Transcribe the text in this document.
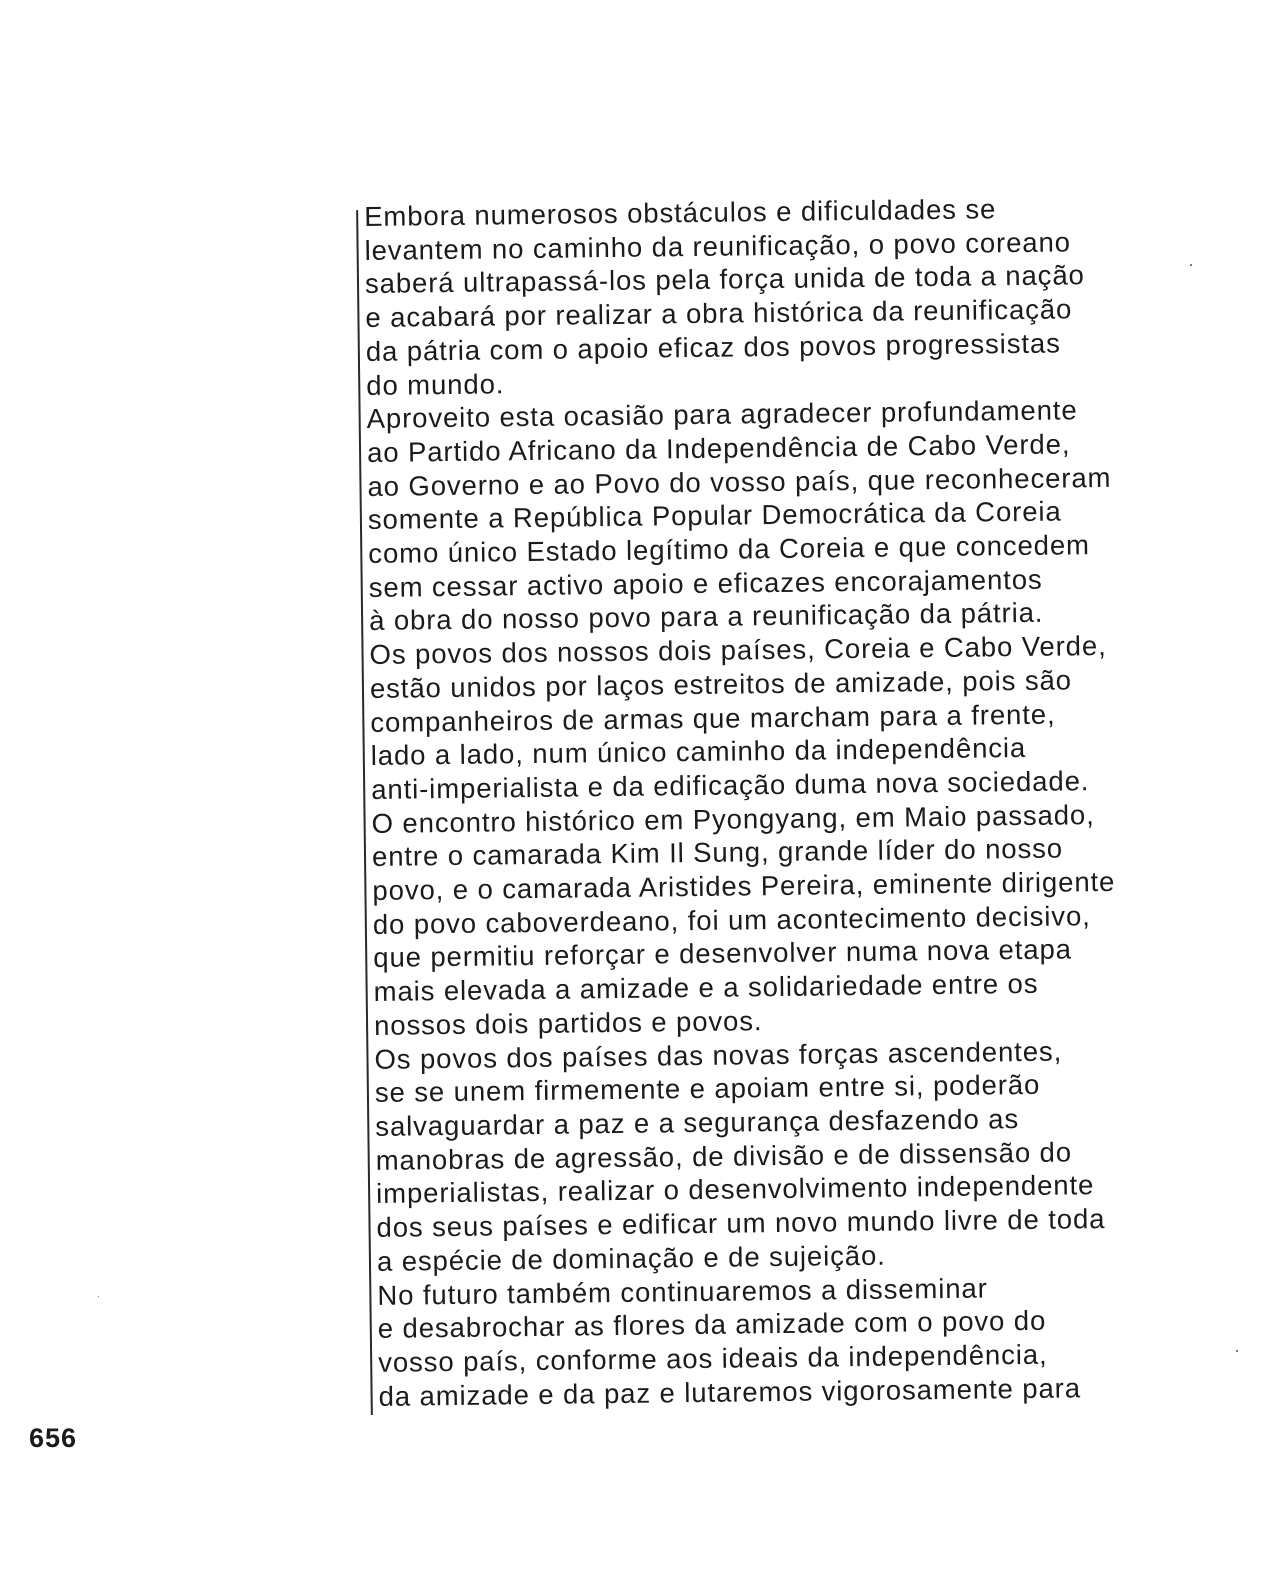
Embora numerosos obstáculos e dificuldades se
levantem no caminho da reunificação, o povo coreano
saberá ultrapassá-los pela força unida de toda a nação
e acabará por realizar a obra histórica da reunificação
da pátria com o apoio eficaz dos povos progressistas
do mundo.
Aproveito esta ocasião para agradecer profundamente
ao Partido Africano da Independência de Cabo Verde,
ao Governo e ao Povo do vosso país, que reconheceram
somente a República Popular Democrática da Coreia
como único Estado legítimo da Coreia e que concedem
sem cessar activo apoio e eficazes encorajamentos
à obra do nosso povo para a reunificação da pátria.
Os povos dos nossos dois países, Coreia e Cabo Verde,
estão unidos por laços estreitos de amizade, pois são
companheiros de armas que marcham para a frente,
lado a lado, num único caminho da independência
anti-imperialista e da edificação duma nova sociedade.
O encontro histórico em Pyongyang, em Maio passado,
entre o camarada Kim Il Sung, grande líder do nosso
povo, e o camarada Aristides Pereira, eminente dirigente
do povo caboverdeano, foi um acontecimento decisivo,
que permitiu reforçar e desenvolver numa nova etapa
mais elevada a amizade e a solidariedade entre os
nossos dois partidos e povos.
Os povos dos países das novas forças ascendentes,
se se unem firmemente e apoiam entre si, poderão
salvaguardar a paz e a segurança desfazendo as
manobras de agressão, de divisão e de dissensão do
imperialistas, realizar o desenvolvimento independente
dos seus países e edificar um novo mundo livre de toda
a espécie de dominação e de sujeição.
No futuro também continuaremos a disseminar
e desabrochar as flores da amizade com o povo do
vosso país, conforme aos ideais da independência,
da amizade e da paz e lutaremos vigorosamente para
656
